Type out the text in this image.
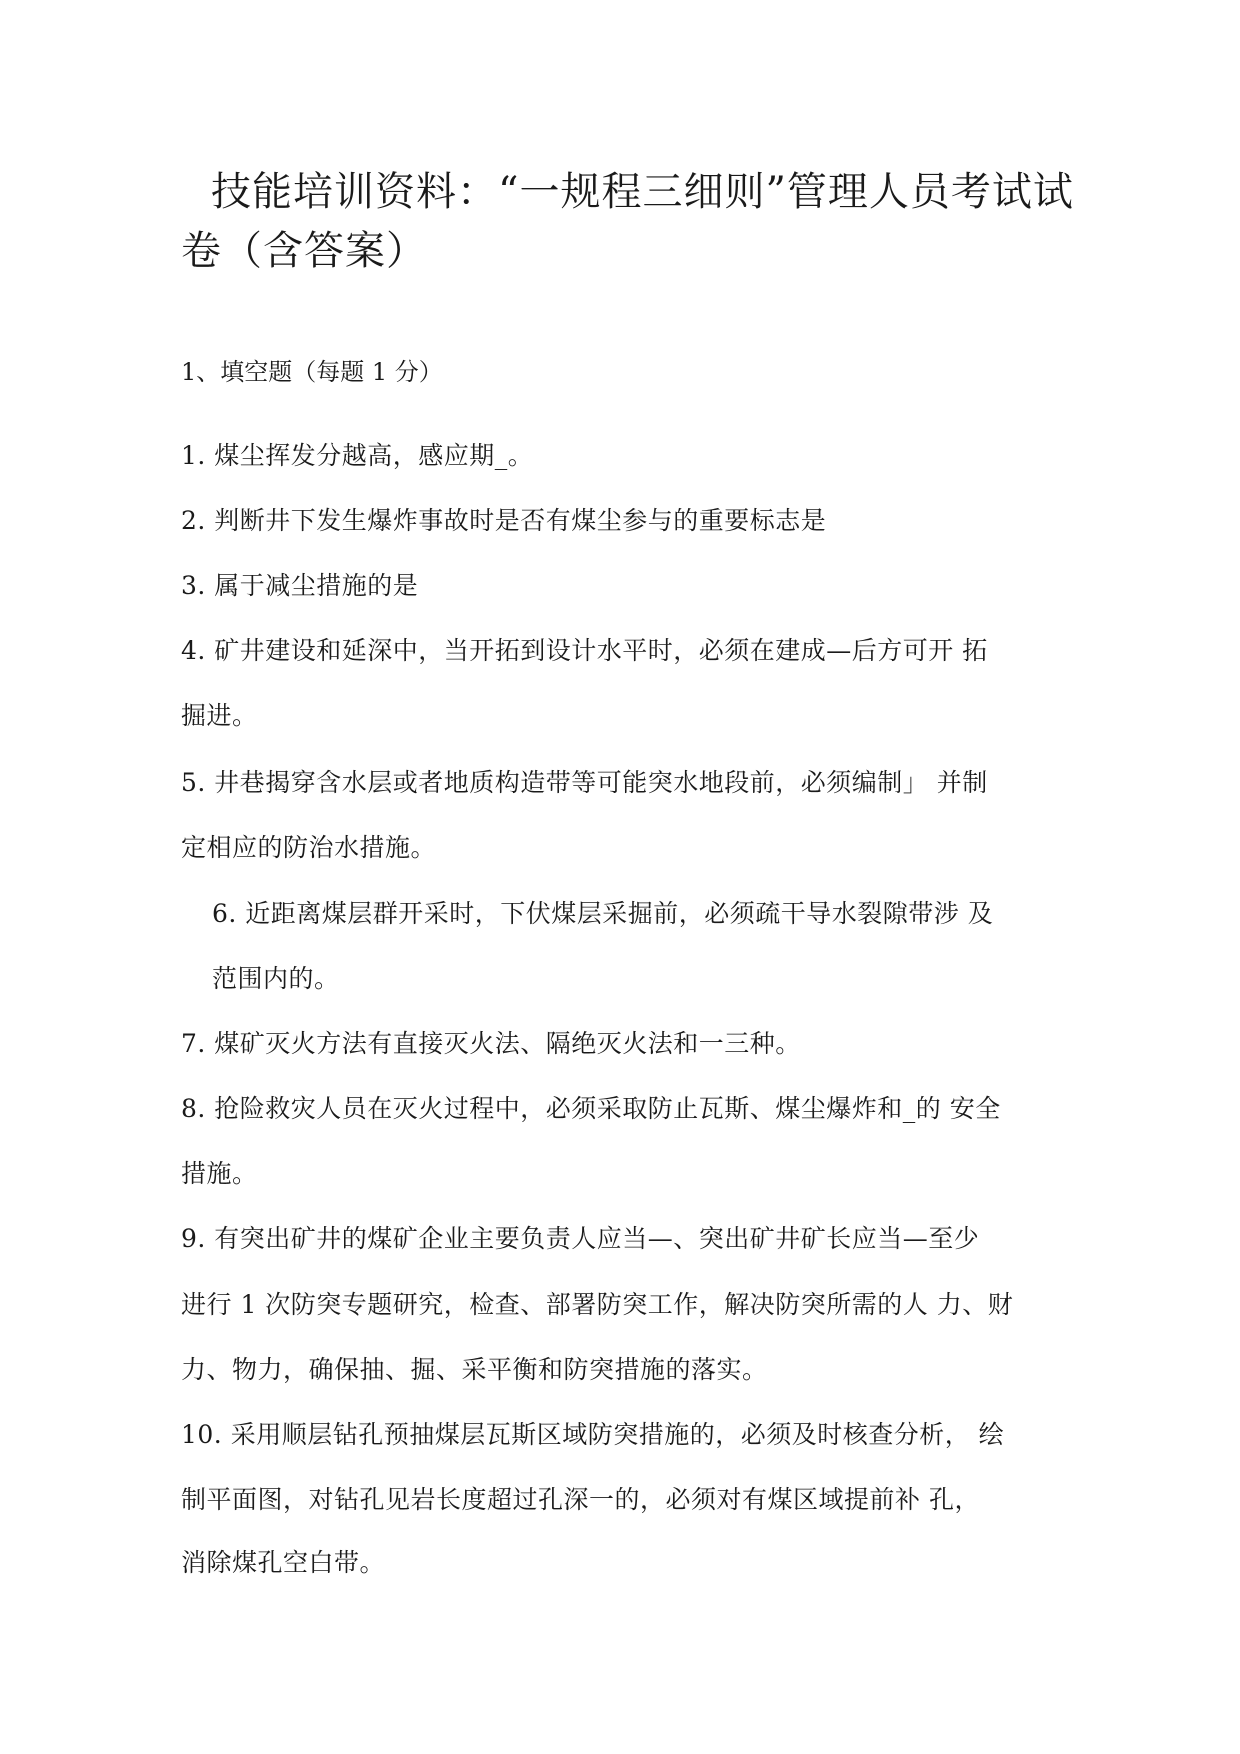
技能培训资料：“一规程三细则”管理人员考试试
卷（含答案）
1、填空题（每题 1 分）
1. 煤尘挥发分越高，感应期_。
2. 判断井下发生爆炸事故时是否有煤尘参与的重要标志是
3. 属于减尘措施的是
4. 矿井建设和延深中，当开拓到设计水平时，必须在建成—后方可开 拓
掘进。
5. 井巷揭穿含水层或者地质构造带等可能突水地段前，必须编制」 并制
定相应的防治水措施。
6. 近距离煤层群开采时，下伏煤层采掘前，必须疏干导水裂隙带涉 及
范围内的。
7. 煤矿灭火方法有直接灭火法、隔绝灭火法和一三种。
8. 抢险救灾人员在灭火过程中，必须采取防止瓦斯、煤尘爆炸和_的 安全
措施。
9. 有突出矿井的煤矿企业主要负责人应当—、突出矿井矿长应当—至少
进行 1 次防突专题研究，检查、部署防突工作，解决防突所需的人 力、财
力、物力，确保抽、掘、采平衡和防突措施的落实。
10. 采用顺层钻孔预抽煤层瓦斯区域防突措施的，必须及时核查分析， 绘
制平面图，对钻孔见岩长度超过孔深一的，必须对有煤区域提前补 孔，
消除煤孔空白带。
